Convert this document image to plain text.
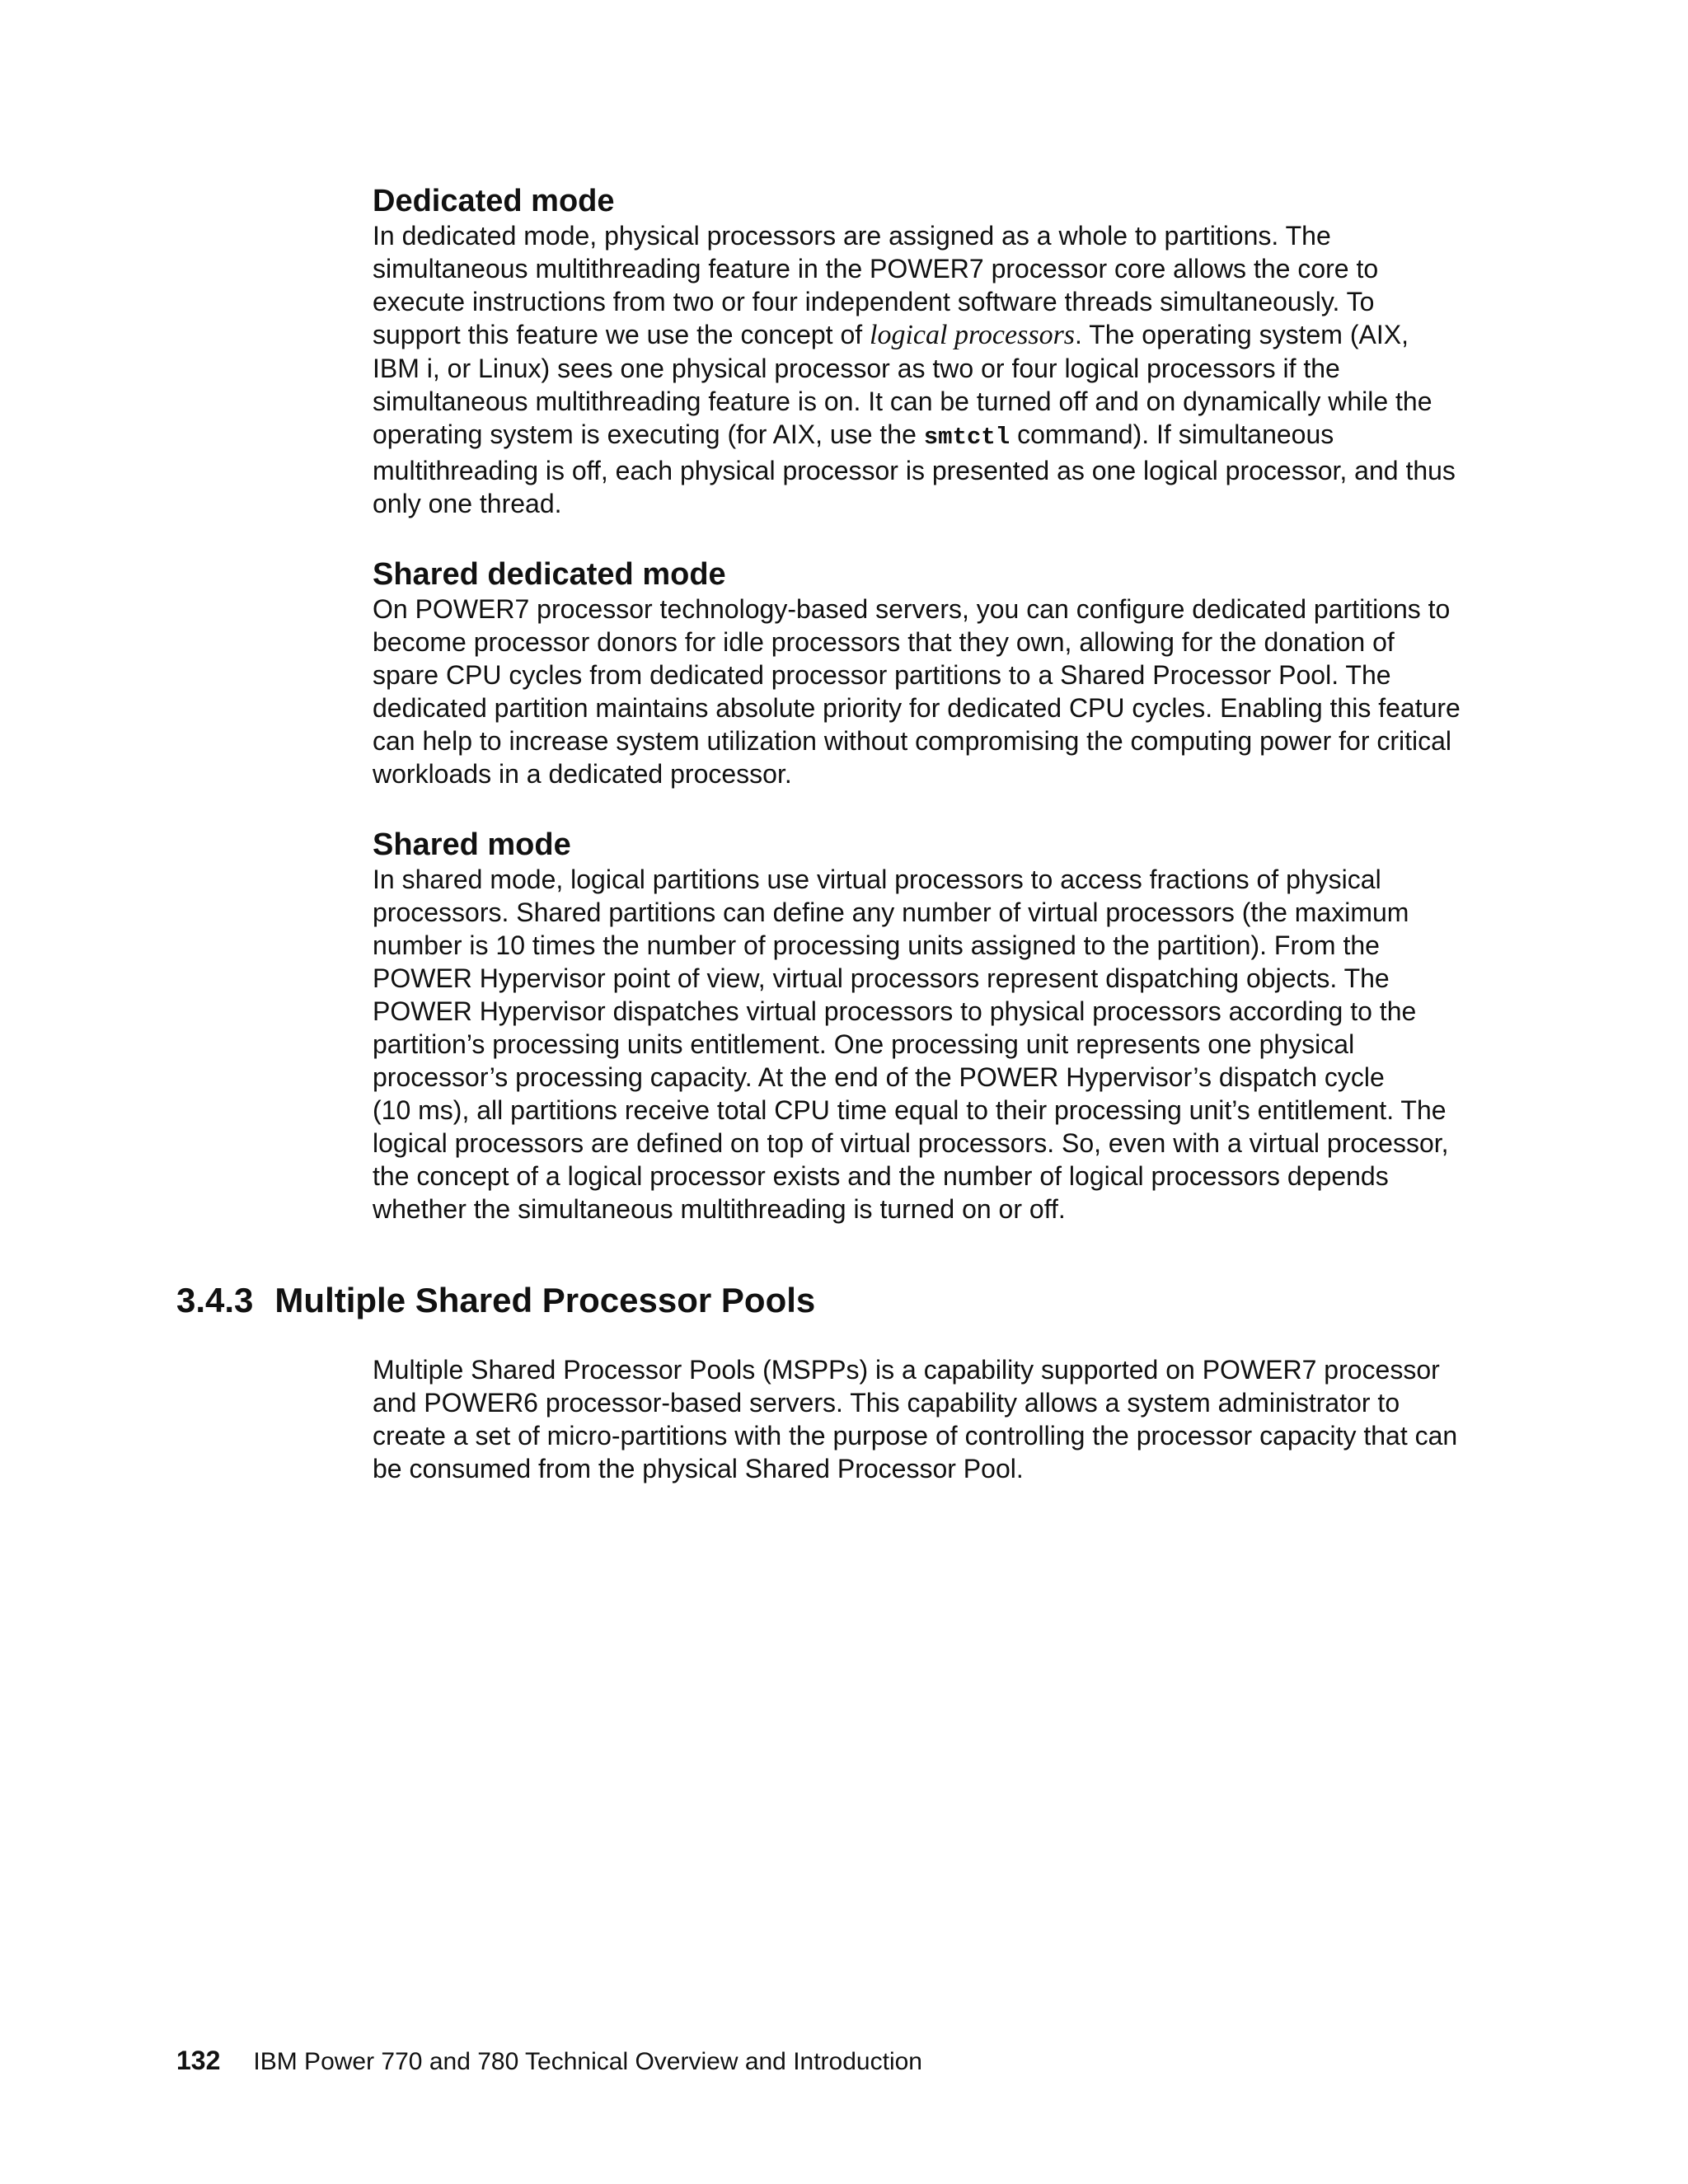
Dedicated mode

In dedicated mode, physical processors are assigned as a whole to partitions. The
simultaneous multithreading feature in the POWER7 processor core allows the core to
execute instructions from two or four independent software threads simultaneously. To
support this feature we use the concept of logical processors. The operating system (AIX,
IBM i, or Linux) sees one physical processor as two or four logical processors if the
simultaneous multithreading feature is on. It can be turned off and on dynamically while the
operating system is executing (for AIX, use the smtctl command). If simultaneous
multithreading is off, each physical processor is presented as one logical processor, and thus
only one thread.

Shared dedicated mode

On POWER7 processor technology-based servers, you can configure dedicated partitions to
become processor donors for idle processors that they own, allowing for the donation of
spare CPU cycles from dedicated processor partitions to a Shared Processor Pool. The
dedicated partition maintains absolute priority for dedicated CPU cycles. Enabling this feature
can help to increase system utilization without compromising the computing power for critical
workloads in a dedicated processor.

Shared mode

In shared mode, logical partitions use virtual processors to access fractions of physical
processors. Shared partitions can define any number of virtual processors (the maximum
number is 10 times the number of processing units assigned to the partition). From the
POWER Hypervisor point of view, virtual processors represent dispatching objects. The
POWER Hypervisor dispatches virtual processors to physical processors according to the
partition’s processing units entitlement. One processing unit represents one physical
processor’s processing capacity. At the end of the POWER Hypervisor’s dispatch cycle
(10 ms), all partitions receive total CPU time equal to their processing unit’s entitlement. The
logical processors are defined on top of virtual processors. So, even with a virtual processor,
the concept of a logical processor exists and the number of logical processors depends
whether the simultaneous multithreading is turned on or off.

3.4.3 Multiple Shared Processor Pools

Multiple Shared Processor Pools (MSPPs) is a capability supported on POWER7 processor
and POWER6 processor-based servers. This capability allows a system administrator to
create a set of micro-partitions with the purpose of controlling the processor capacity that can
be consumed from the physical Shared Processor Pool.

132 IBM Power 770 and 780 Technical Overview and Introduction
